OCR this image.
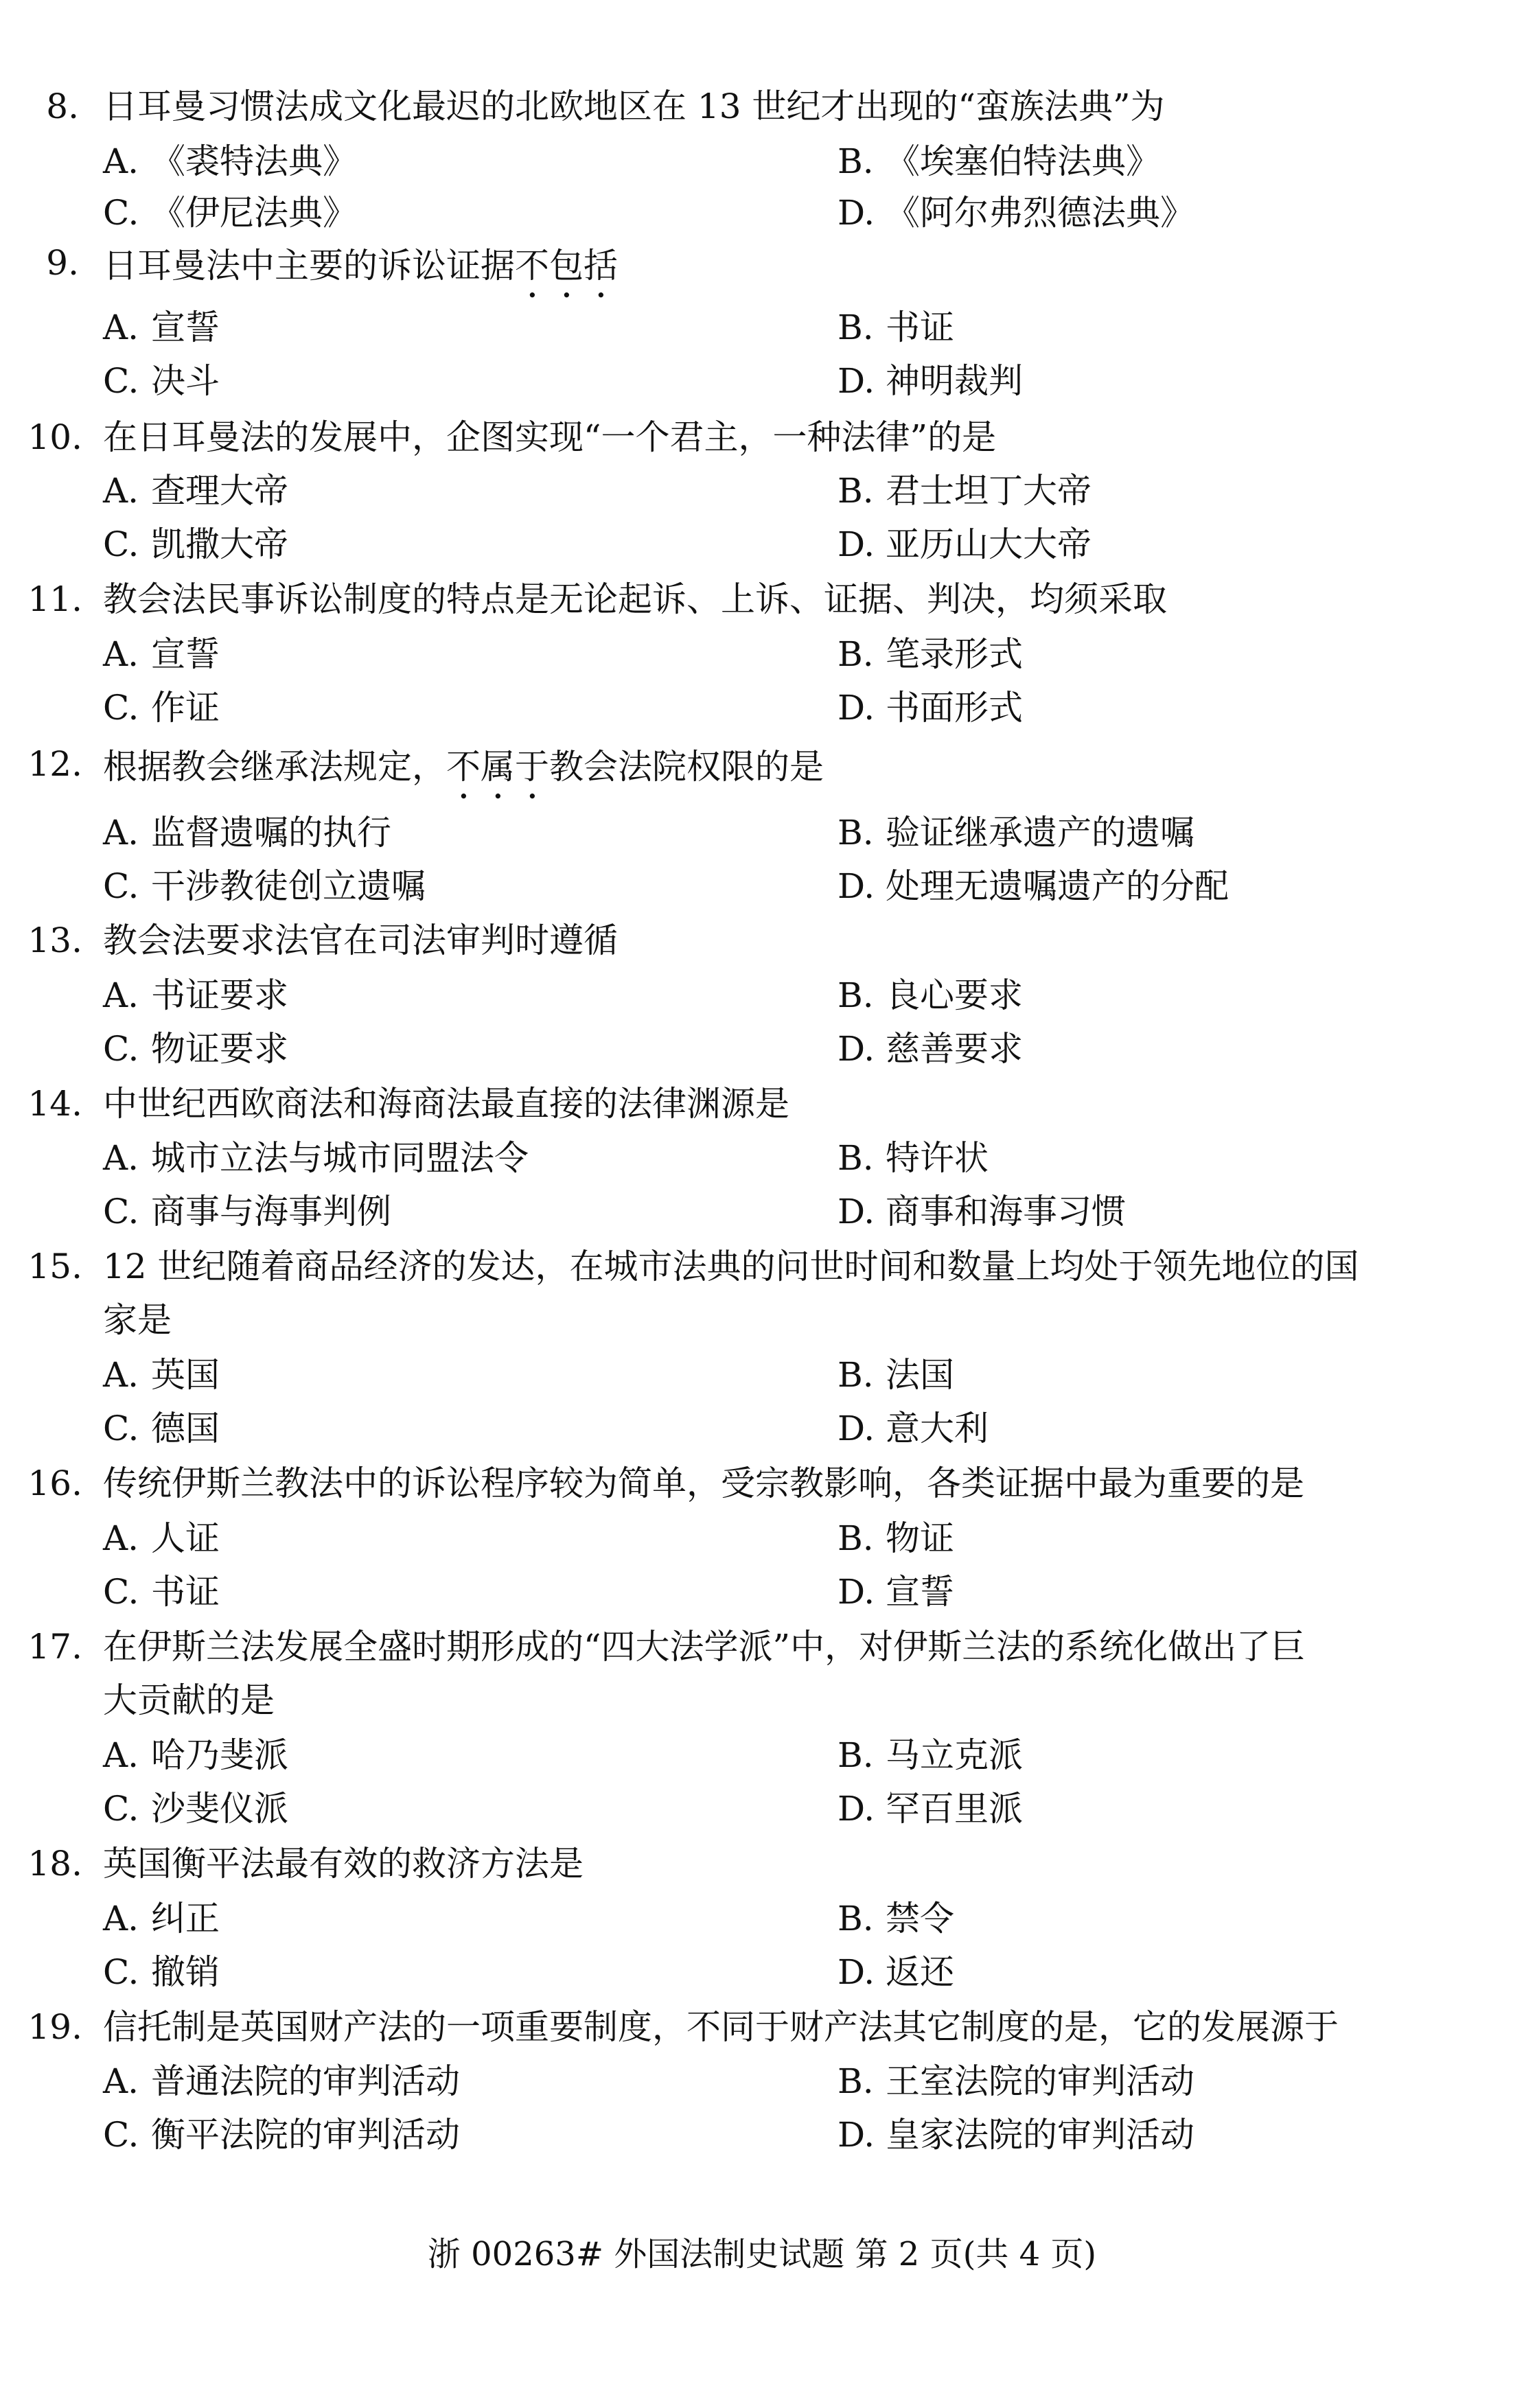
8. 日耳曼习惯法成文化最迟的北欧地区在 13 世纪才出现的“蛮族法典”为
A. 《裘特法典》	B. 《埃塞伯特法典》
C. 《伊尼法典》	D. 《阿尔弗烈德法典》
9. 日耳曼法中主要的诉讼证据不包括
A. 宣誓	B. 书证
C. 决斗	D. 神明裁判
10. 在日耳曼法的发展中，企图实现“一个君主，一种法律”的是
A. 查理大帝	B. 君士坦丁大帝
C. 凯撒大帝	D. 亚历山大大帝
11. 教会法民事诉讼制度的特点是无论起诉、上诉、证据、判决，均须采取
A. 宣誓	B. 笔录形式
C. 作证	D. 书面形式
12. 根据教会继承法规定，不属于教会法院权限的是
A. 监督遗嘱的执行	B. 验证继承遗产的遗嘱
C. 干涉教徒创立遗嘱	D. 处理无遗嘱遗产的分配
13. 教会法要求法官在司法审判时遵循
A. 书证要求	B. 良心要求
C. 物证要求	D. 慈善要求
14. 中世纪西欧商法和海商法最直接的法律渊源是
A. 城市立法与城市同盟法令	B. 特许状
C. 商事与海事判例	D. 商事和海事习惯
15. 12 世纪随着商品经济的发达，在城市法典的问世时间和数量上均处于领先地位的国
家是
A. 英国	B. 法国
C. 德国	D. 意大利
16. 传统伊斯兰教法中的诉讼程序较为简单，受宗教影响，各类证据中最为重要的是
A. 人证	B. 物证
C. 书证	D. 宣誓
17. 在伊斯兰法发展全盛时期形成的“四大法学派”中，对伊斯兰法的系统化做出了巨
大贡献的是
A. 哈乃斐派	B. 马立克派
C. 沙斐仪派	D. 罕百里派
18. 英国衡平法最有效的救济方法是
A. 纠正	B. 禁令
C. 撤销	D. 返还
19. 信托制是英国财产法的一项重要制度，不同于财产法其它制度的是，它的发展源于
A. 普通法院的审判活动	B. 王室法院的审判活动
C. 衡平法院的审判活动	D. 皇家法院的审判活动
浙 00263# 外国法制史试题 第 2 页(共 4 页)
